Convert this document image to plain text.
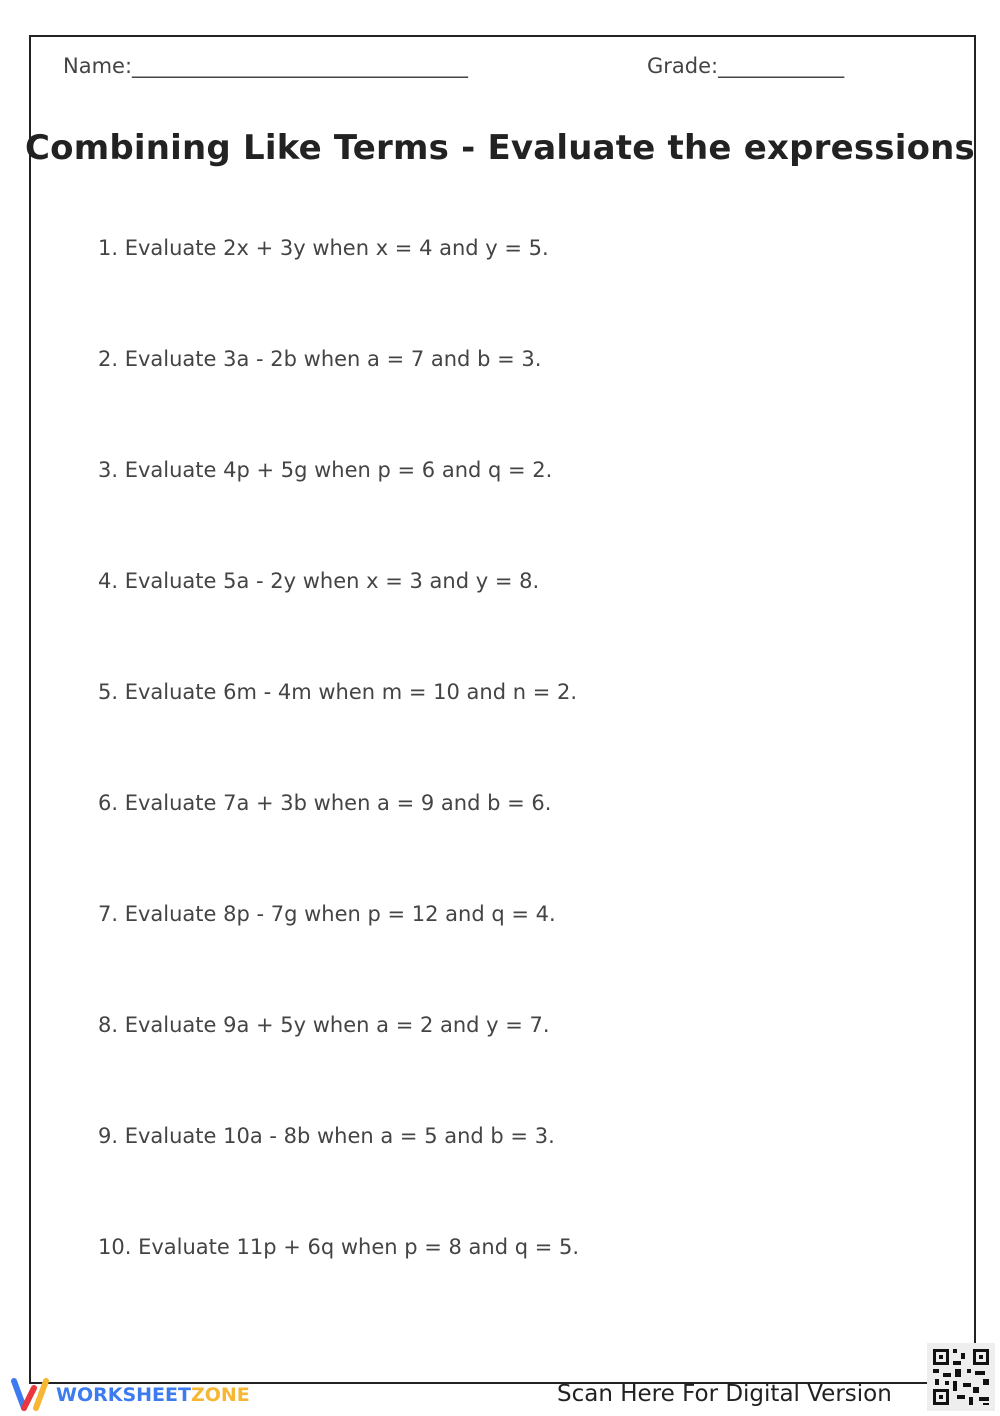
Name:________________________________	Grade:____________
Combining Like Terms - Evaluate the expressions
1. Evaluate 2x + 3y when x = 4 and y = 5.
2. Evaluate 3a - 2b when a = 7 and b = 3.
3. Evaluate 4p + 5g when p = 6 and q = 2.
4. Evaluate 5a - 2y when x = 3 and y = 8.
5. Evaluate 6m - 4m when m = 10 and n = 2.
6. Evaluate 7a + 3b when a = 9 and b = 6.
7. Evaluate 8p - 7g when p = 12 and q = 4.
8. Evaluate 9a + 5y when a = 2 and y = 7.
9. Evaluate 10a - 8b when a = 5 and b = 3.
10. Evaluate 11p + 6q when p = 8 and q = 5.
WORKSHEETZONE	Scan Here For Digital Version
